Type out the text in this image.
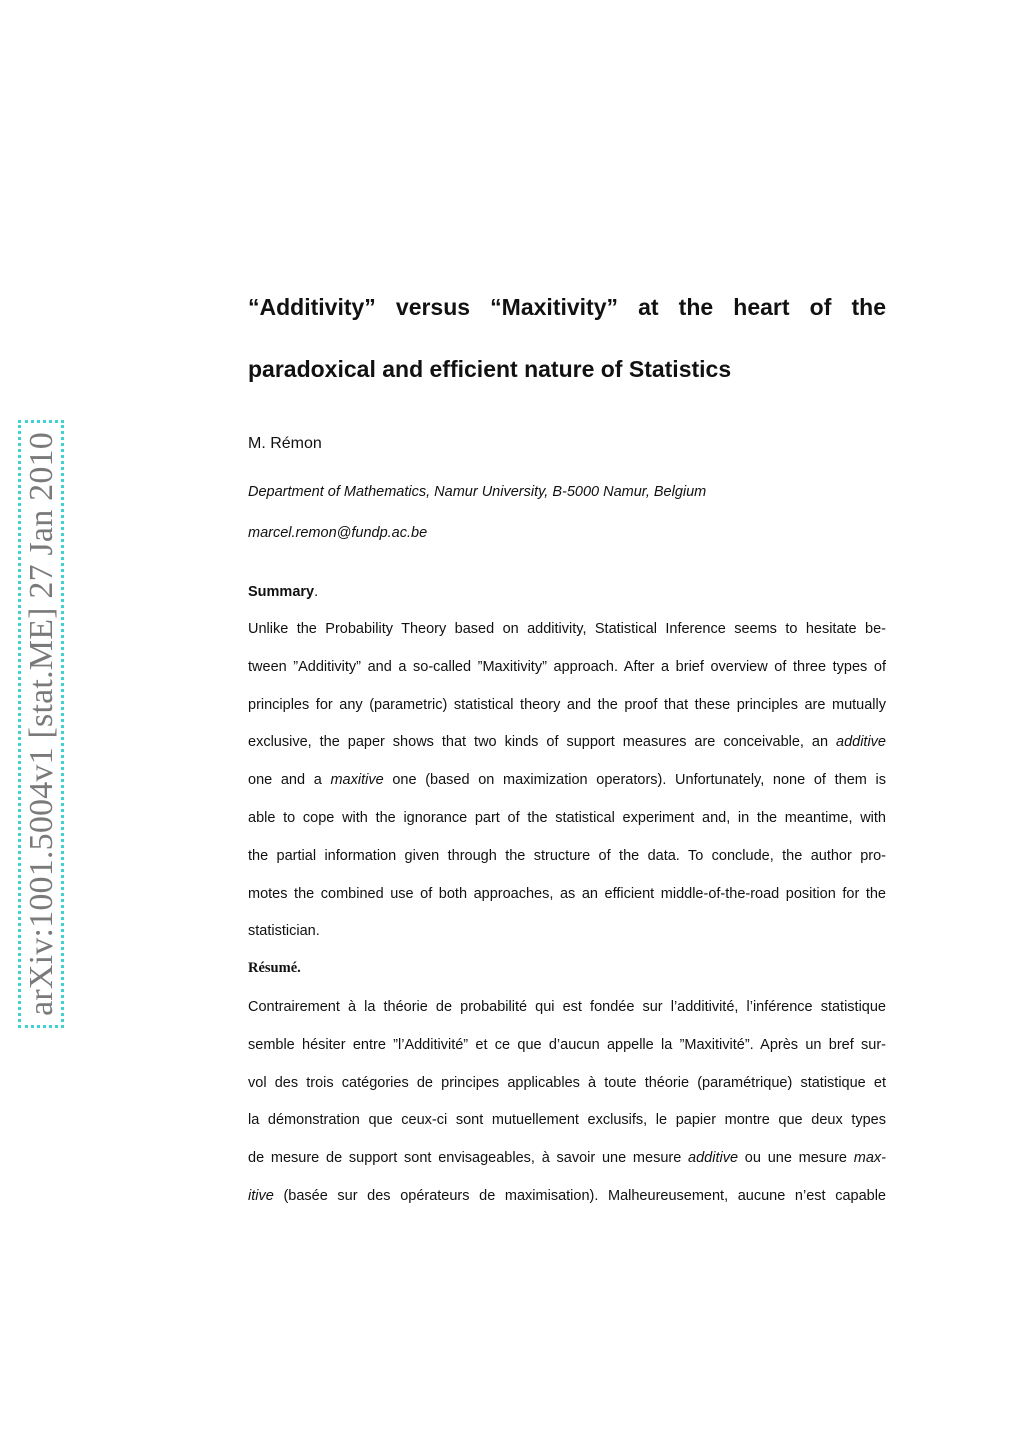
arXiv:1001.5004v1 [stat.ME] 27 Jan 2010
“Additivity” versus “Maxitivity” at the heart of the
paradoxical and efficient nature of Statistics
M. Rémon
Department of Mathematics, Namur University, B-5000 Namur, Belgium
marcel.remon@fundp.ac.be
Summary.

Unlike the Probability Theory based on additivity, Statistical Inference seems to hesitate be-
tween ”Additivity” and a so-called ”Maxitivity” approach. After a brief overview of three types of
principles for any (parametric) statistical theory and the proof that these principles are mutually
exclusive, the paper shows that two kinds of support measures are conceivable, an additive
one and a maxitive one (based on maximization operators). Unfortunately, none of them is
able to cope with the ignorance part of the statistical experiment and, in the meantime, with
the partial information given through the structure of the data. To conclude, the author pro-
motes the combined use of both approaches, as an efficient middle-of-the-road position for the
statistician.

Résumé.

Contrairement à la théorie de probabilité qui est fondée sur l’additivité, l’inférence statistique
semble hésiter entre ”l’Additivité” et ce que d’aucun appelle la ”Maxitivité”. Après un bref sur-
vol des trois catégories de principes applicables à toute théorie (paramétrique) statistique et
la démonstration que ceux-ci sont mutuellement exclusifs, le papier montre que deux types
de mesure de support sont envisageables, à savoir une mesure additive ou une mesure max-
itive (basée sur des opérateurs de maximisation). Malheureusement, aucune n’est capable
